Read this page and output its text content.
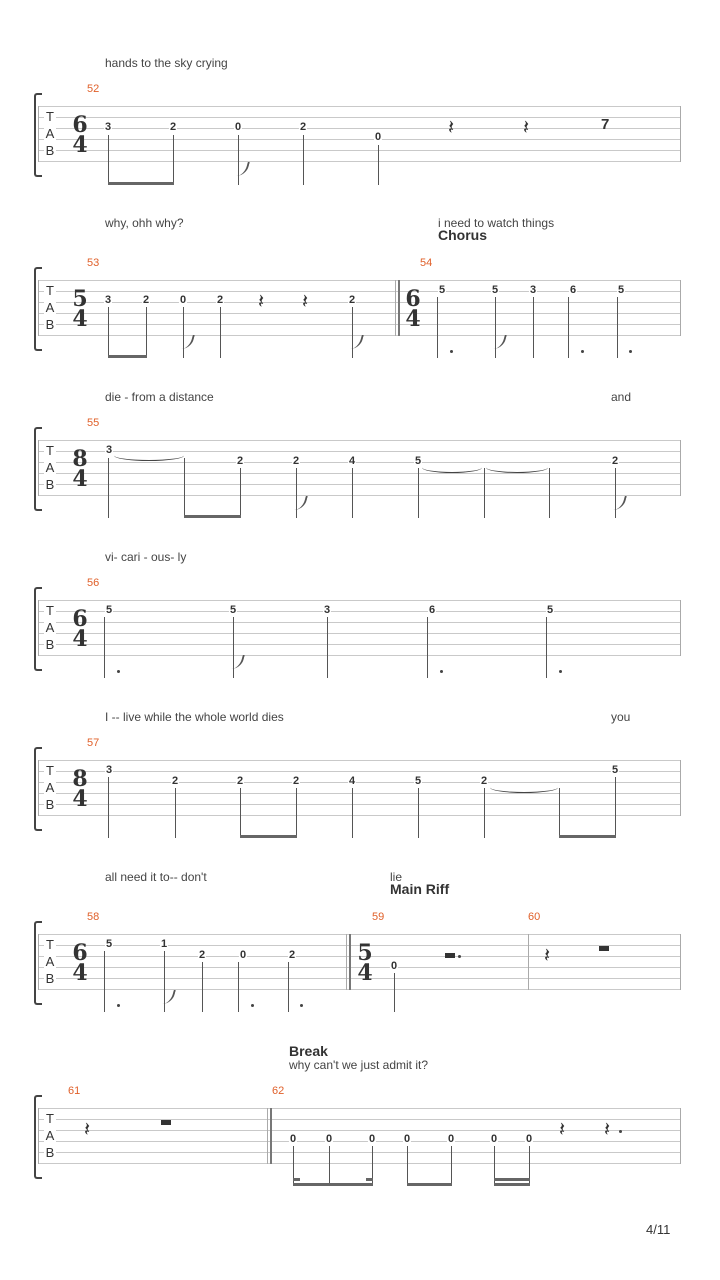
hands to the sky crying
52
T
A
B
6
4
3	2	0	2
0	𝄽	𝄽	7
why, ohh why?	i need to watch things
Chorus
53	54
T
A
B
5
4
6
4
3	2	0	2	2
𝄽 𝄽
5	5	3	6	5
die - from a distance	and
55
T
A
B
8
4
3
2	2	4	5	2
vi- cari - ous- ly
56
T
A
B
6
4
5	5	3	6	5
I -- live while the whole world dies	you
57
T
A
B
8
4
3
2	2	2	4	5	2
5
all need it to-- don't	lie
Main Riff
58	59	60
T
A
B
6
4
5
4
5	1
2	0	2
0	𝄽
Break
why can't we just admit it?
61	62
T
A
B
𝄽	0	0	0	0	0	0	0 𝄽 𝄽
4/11
